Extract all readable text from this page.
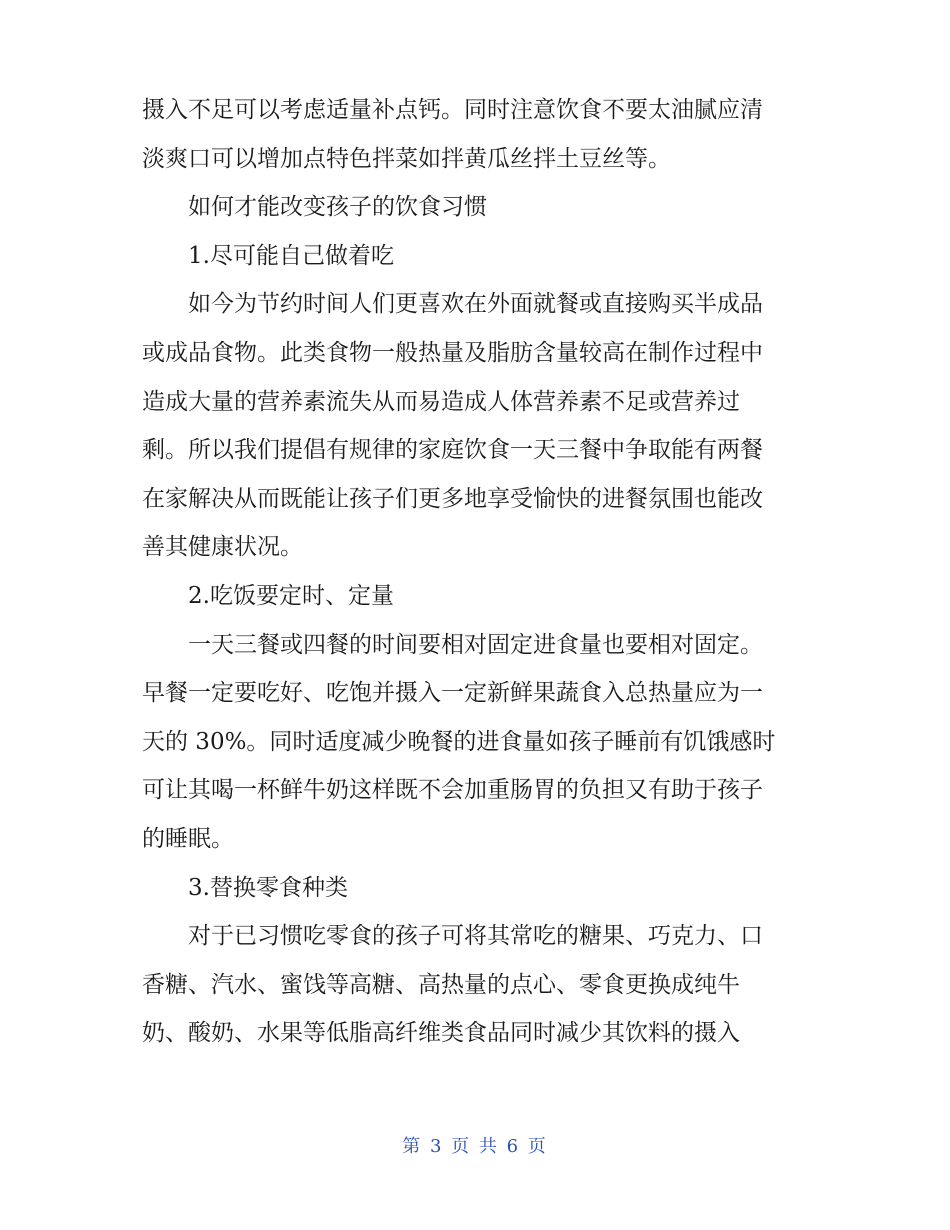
摄入不足可以考虑适量补点钙。同时注意饮食不要太油腻应清
淡爽口可以增加点特色拌菜如拌黄瓜丝拌土豆丝等。
如何才能改变孩子的饮食习惯
1.尽可能自己做着吃
如今为节约时间人们更喜欢在外面就餐或直接购买半成品
或成品食物。此类食物一般热量及脂肪含量较高在制作过程中
造成大量的营养素流失从而易造成人体营养素不足或营养过
剩。所以我们提倡有规律的家庭饮食一天三餐中争取能有两餐
在家解决从而既能让孩子们更多地享受愉快的进餐氛围也能改
善其健康状况。
2.吃饭要定时、定量
一天三餐或四餐的时间要相对固定进食量也要相对固定。
早餐一定要吃好、吃饱并摄入一定新鲜果蔬食入总热量应为一
天的 30%。同时适度减少晚餐的进食量如孩子睡前有饥饿感时
可让其喝一杯鲜牛奶这样既不会加重肠胃的负担又有助于孩子
的睡眠。
3.替换零食种类
对于已习惯吃零食的孩子可将其常吃的糖果、巧克力、口
香糖、汽水、蜜饯等高糖、高热量的点心、零食更换成纯牛
奶、酸奶、水果等低脂高纤维类食品同时减少其饮料的摄入
第 3 页 共 6 页
